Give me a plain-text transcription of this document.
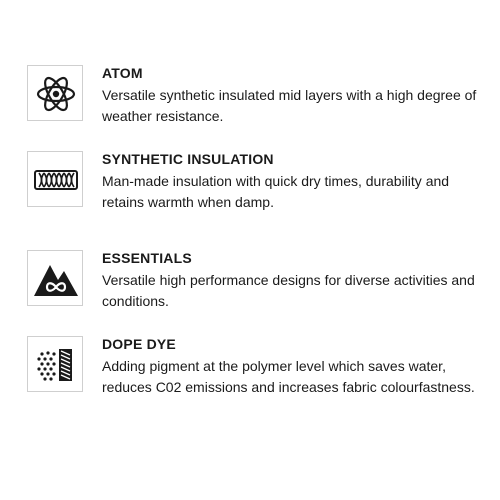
ATOM

Versatile synthetic insulated mid layers with a high degree of weather resistance.

SYNTHETIC INSULATION

Man-made insulation with quick dry times, durability and retains warmth when damp.

ESSENTIALS

Versatile high performance designs for diverse activities and conditions.

DOPE DYE

Adding pigment at the polymer level which saves water, reduces C02 emissions and increases fabric colourfastness.
